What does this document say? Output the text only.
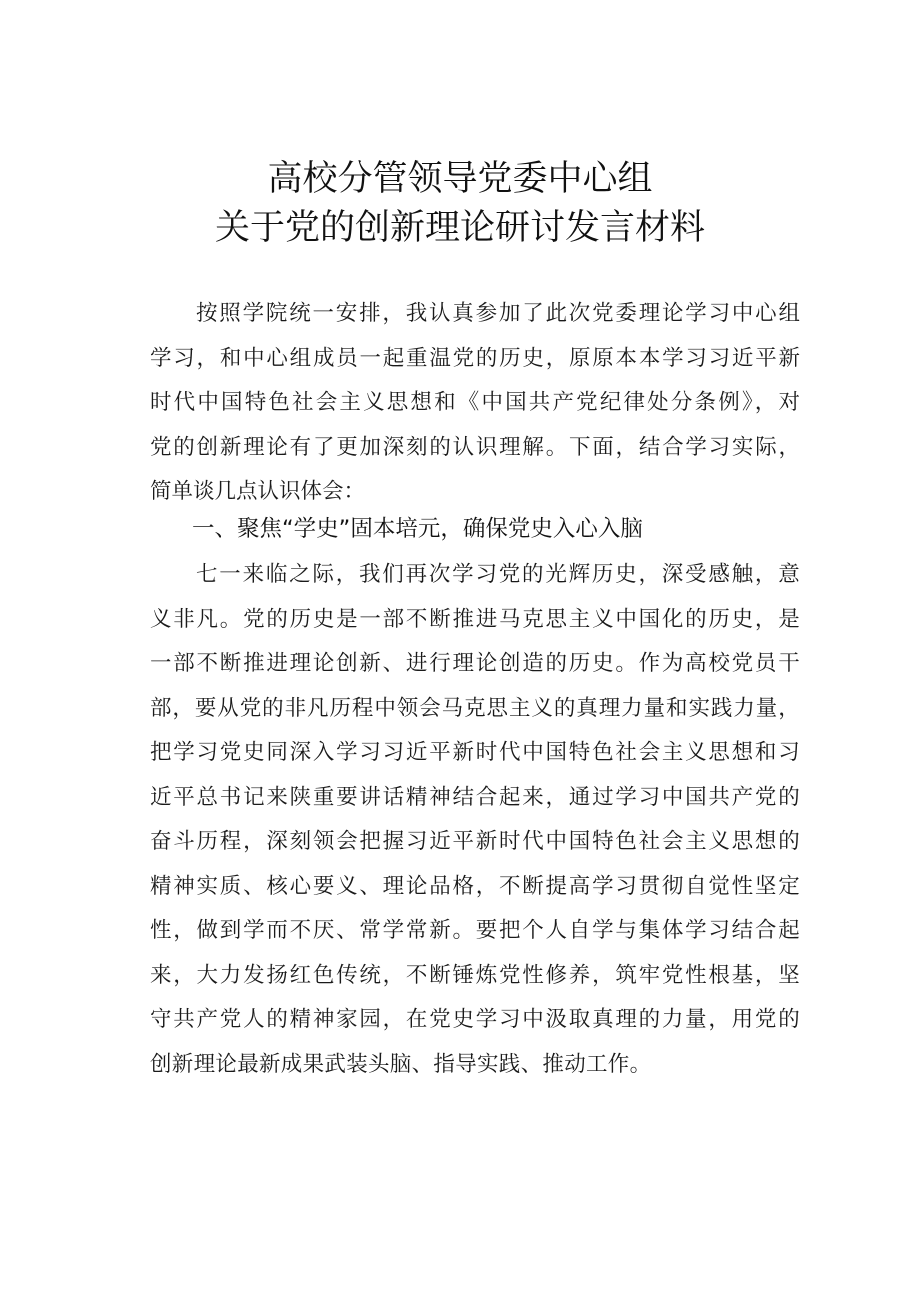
高校分管领导党委中心组
关于党的创新理论研讨发言材料
按照学院统一安排，我认真参加了此次党委理论学习中心组
学习，和中心组成员一起重温党的历史，原原本本学习习近平新
时代中国特色社会主义思想和《中国共产党纪律处分条例》，对
党的创新理论有了更加深刻的认识理解。下面，结合学习实际，
简单谈几点认识体会：
一、聚焦“学史”固本培元，确保党史入心入脑
七一来临之际，我们再次学习党的光辉历史，深受感触，意
义非凡。党的历史是一部不断推进马克思主义中国化的历史，是
一部不断推进理论创新、进行理论创造的历史。作为高校党员干
部，要从党的非凡历程中领会马克思主义的真理力量和实践力量，
把学习党史同深入学习习近平新时代中国特色社会主义思想和习
近平总书记来陕重要讲话精神结合起来，通过学习中国共产党的
奋斗历程，深刻领会把握习近平新时代中国特色社会主义思想的
精神实质、核心要义、理论品格，不断提高学习贯彻自觉性坚定
性，做到学而不厌、常学常新。要把个人自学与集体学习结合起
来，大力发扬红色传统，不断锤炼党性修养，筑牢党性根基，坚
守共产党人的精神家园，在党史学习中汲取真理的力量，用党的
创新理论最新成果武装头脑、指导实践、推动工作。
